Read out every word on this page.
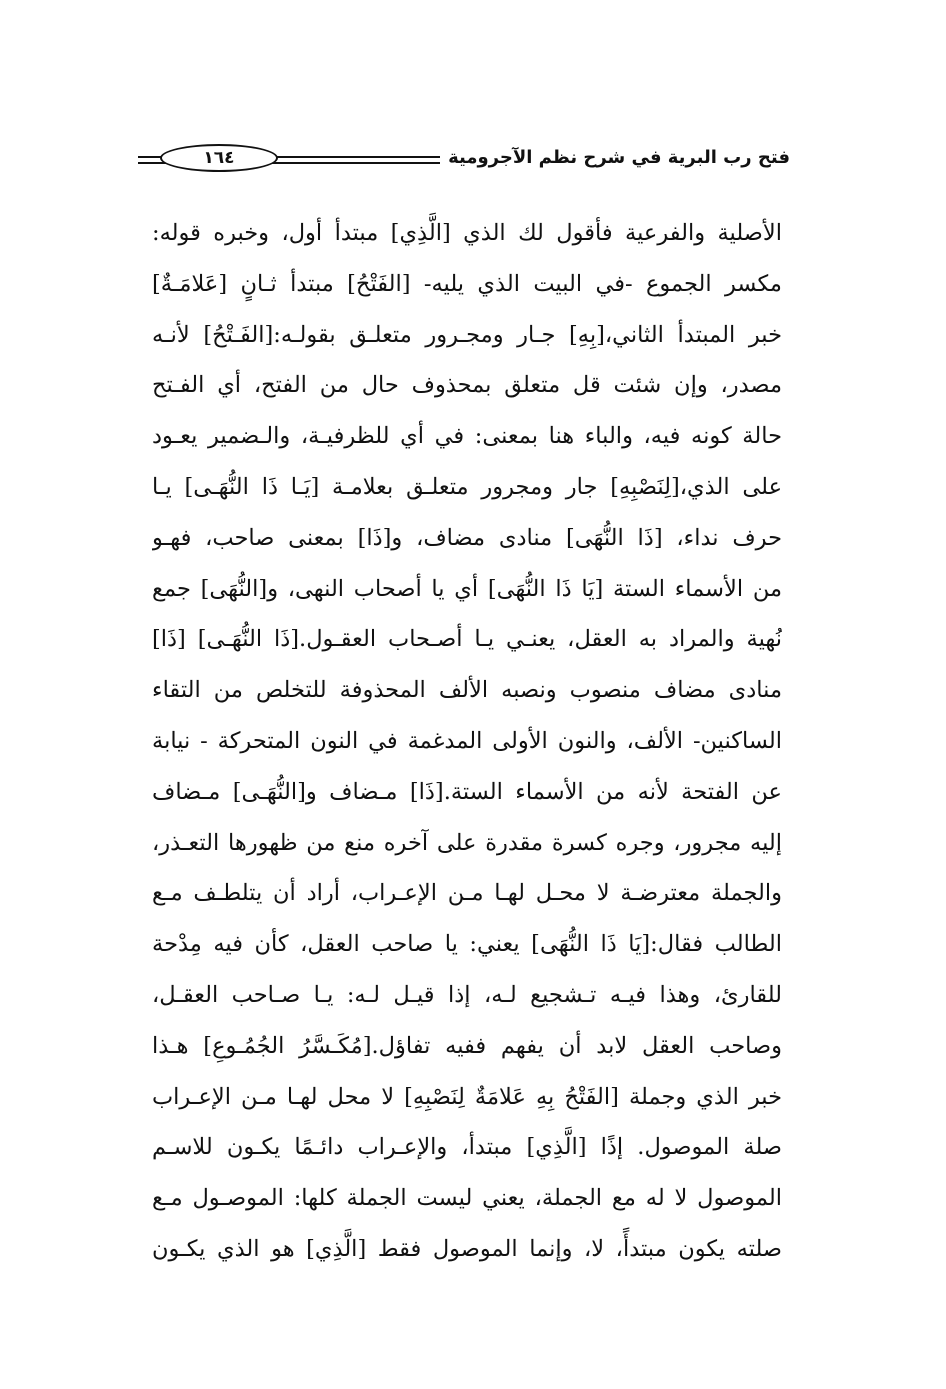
فتح رب البرية في شرح نظم الآجرومية
١٦٤
الأصلية والفرعية فأقول لك الذي [الَّذِي] مبتدأ أول، وخبره قوله:
مكسر الجموع -في البيت الذي يليه- [الفَتْحُ] مبتدأ ثـانٍ [عَلامَـةٌ]
خبر المبتدأ الثاني،[بِهِ] جـار ومجـرور متعلـق بقولـه:[الفَـتْحُ] لأنـه
مصدر، وإن شئت قل متعلق بمحذوف حال من الفتح، أي الفـتح
حالة كونه فيه، والباء هنا بمعنى: في أي للظرفيـة، والـضمير يعـود
على الذي،[لِنَصْبِهِ] جار ومجرور متعلـق بعلامـة [يَـا ذَا النُّهَـى] يـا
حرف نداء، [ذَا النُّهَى] منادى مضاف، و[ذَا] بمعنى صاحب، فهـو
من الأسماء الستة [يَا ذَا النُّهَى] أي يا أصحاب النهى، و[النُّهَى] جمع
نُهية والمراد به العقل، يعنـي يـا أصـحاب العقـول.[ذَا النُّهَـى] [ذَا]
منادى مضاف منصوب ونصبه الألف المحذوفة للتخلص من التقاء
الساكنين- الألف، والنون الأولى المدغمة في النون المتحركة - نيابة
عن الفتحة لأنه من الأسماء الستة.[ذَا] مـضاف و[النُّهَـى] مـضاف
إليه مجرور، وجره كسرة مقدرة على آخره منع من ظهورها التعـذر،
والجملة معترضـة لا محـل لهـا مـن الإعـراب، أراد أن يتلطـف مـع
الطالب فقال:[يَا ذَا النُّهَى] يعني: يا صاحب العقل، كأن فيه مِدْحة
للقارئ، وهذا فيـه تـشجيع لـه، إذا قيـل لـه: يـا صـاحب العقـل،
وصاحب العقل لابد أن يفهم ففيه تفاؤل.[مُكَـسَّرُ الجُمُـوعِ] هـذا
خبر الذي وجملة [الفَتْحُ بِهِ عَلامَةٌ لِنَصْبِهِ] لا محل لهـا مـن الإعـراب
صلة الموصول. إذًا [الَّذِي] مبتدأ، والإعـراب دائـمًا يكـون للاسـم
الموصول لا له مع الجملة، يعني ليست الجملة كلها: الموصـول مـع
صلته يكون مبتدأً، لا، وإنما الموصول فقط [الَّذِي] هو الذي يكـون
